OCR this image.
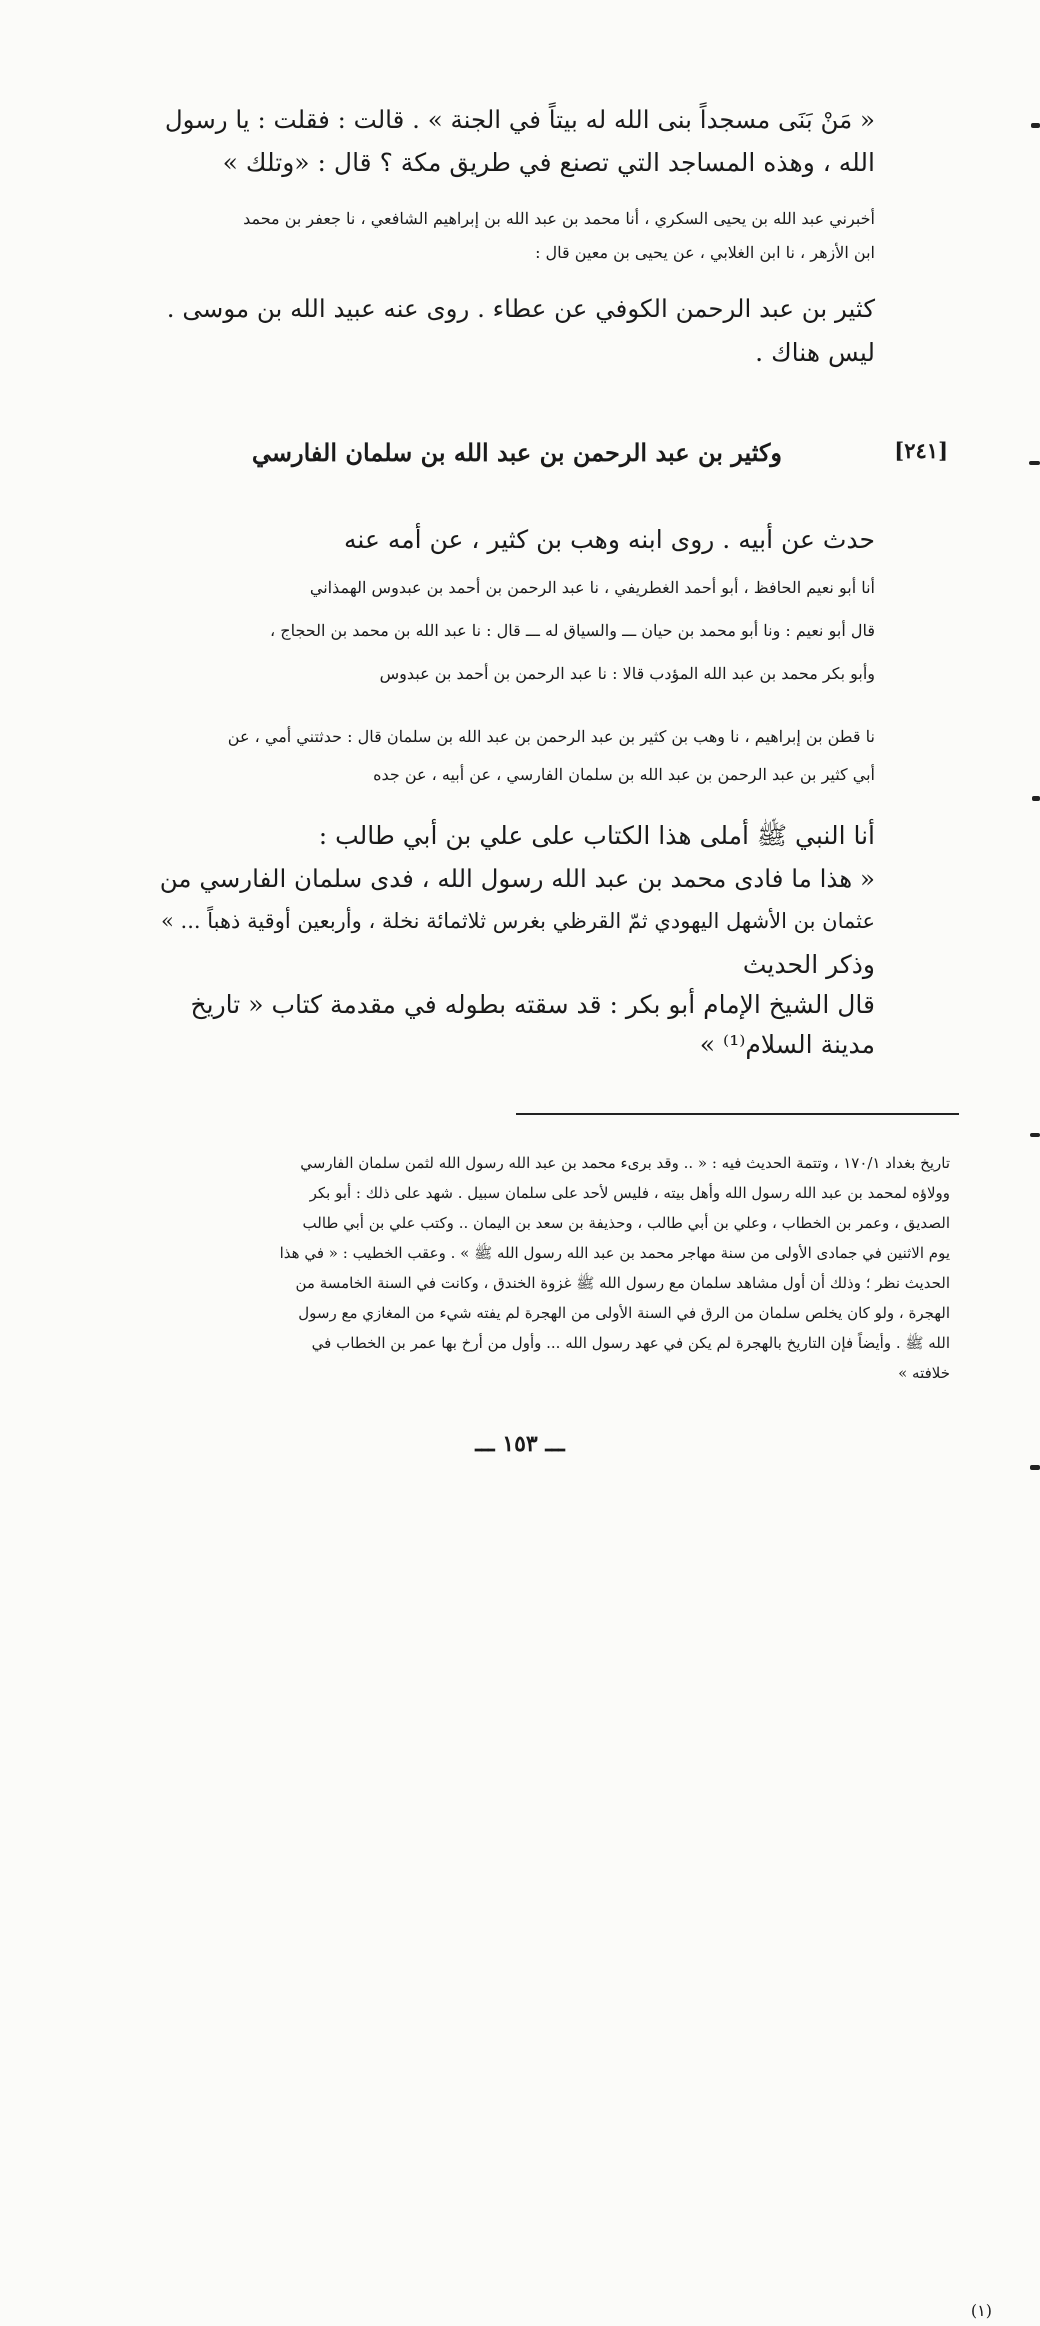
« مَنْ بَنَى مسجداً بنى الله له بيتاً في الجنة » . قالت : فقلت : يا رسول
الله ، وهذه المساجد التي تصنع في طريق مكة ؟ قال : «وتلك »
أخبرني عبد الله بن يحيى السكري ، أنا محمد بن عبد الله بن إبراهيم الشافعي ، نا جعفر بن محمد
ابن الأزهر ، نا ابن الغلابي ، عن يحيى بن معين قال :
كثير بن عبد الرحمن الكوفي عن عطاء . روى عنه عبيد الله بن موسى .
ليس هناك .
[٢٤١]
وكثير بن عبد الرحمن بن عبد الله بن سلمان الفارسي
حدث عن أبيه . روى ابنه وهب بن كثير ، عن أمه عنه
أنا أبو نعيم الحافظ ، أبو أحمد الغطريفي ، نا عبد الرحمن بن أحمد بن عبدوس الهمذاني
قال أبو نعيم : ونا أبو محمد بن حيان ـــ والسياق له ـــ قال : نا عبد الله بن محمد بن الحجاج ،
وأبو بكر محمد بن عبد الله المؤدب قالا : نا عبد الرحمن بن أحمد بن عبدوس
نا قطن بن إبراهيم ، نا وهب بن كثير بن عبد الرحمن بن عبد الله بن سلمان قال : حدثتني أمي ، عن
أبي كثير بن عبد الرحمن بن عبد الله بن سلمان الفارسي ، عن أبيه ، عن جده
أنا النبي ﷺ أملى هذا الكتاب على علي بن أبي طالب :
« هذا ما فادى محمد بن عبد الله رسول الله ، فدى سلمان الفارسي من
عثمان بن الأشهل اليهودي ثمّ القرظي بغرس ثلاثمائة نخلة ، وأربعين أوقية ذهباً ... »
وذكر الحديث
قال الشيخ الإمام أبو بكر : قد سقته بطوله في مقدمة كتاب « تاريخ
مدينة السلام⁽¹⁾ »
تاريخ بغداد ١٧٠/١ ، وتتمة الحديث فيه : « .. وقد برىء محمد بن عبد الله رسول الله لثمن سلمان الفارسي
وولاؤه لمحمد بن عبد الله رسول الله وأهل بيته ، فليس لأحد على سلمان سبيل . شهد على ذلك : أبو بكر
الصديق ، وعمر بن الخطاب ، وعلي بن أبي طالب ، وحذيفة بن سعد بن اليمان .. وكتب علي بن أبي طالب
يوم الاثنين في جمادى الأولى من سنة مهاجر محمد بن عبد الله رسول الله ﷺ » . وعقب الخطيب : « في هذا
الحديث نظر ؛ وذلك أن أول مشاهد سلمان مع رسول الله ﷺ غزوة الخندق ، وكانت في السنة الخامسة من
الهجرة ، ولو كان يخلص سلمان من الرق في السنة الأولى من الهجرة لم يفته شيء من المغازي مع رسول
الله ﷺ . وأيضاً فإن التاريخ بالهجرة لم يكن في عهد رسول الله ... وأول من أرخ بها عمر بن الخطاب في
خلافته »
(١)
ـــ ١٥٣ ـــ
